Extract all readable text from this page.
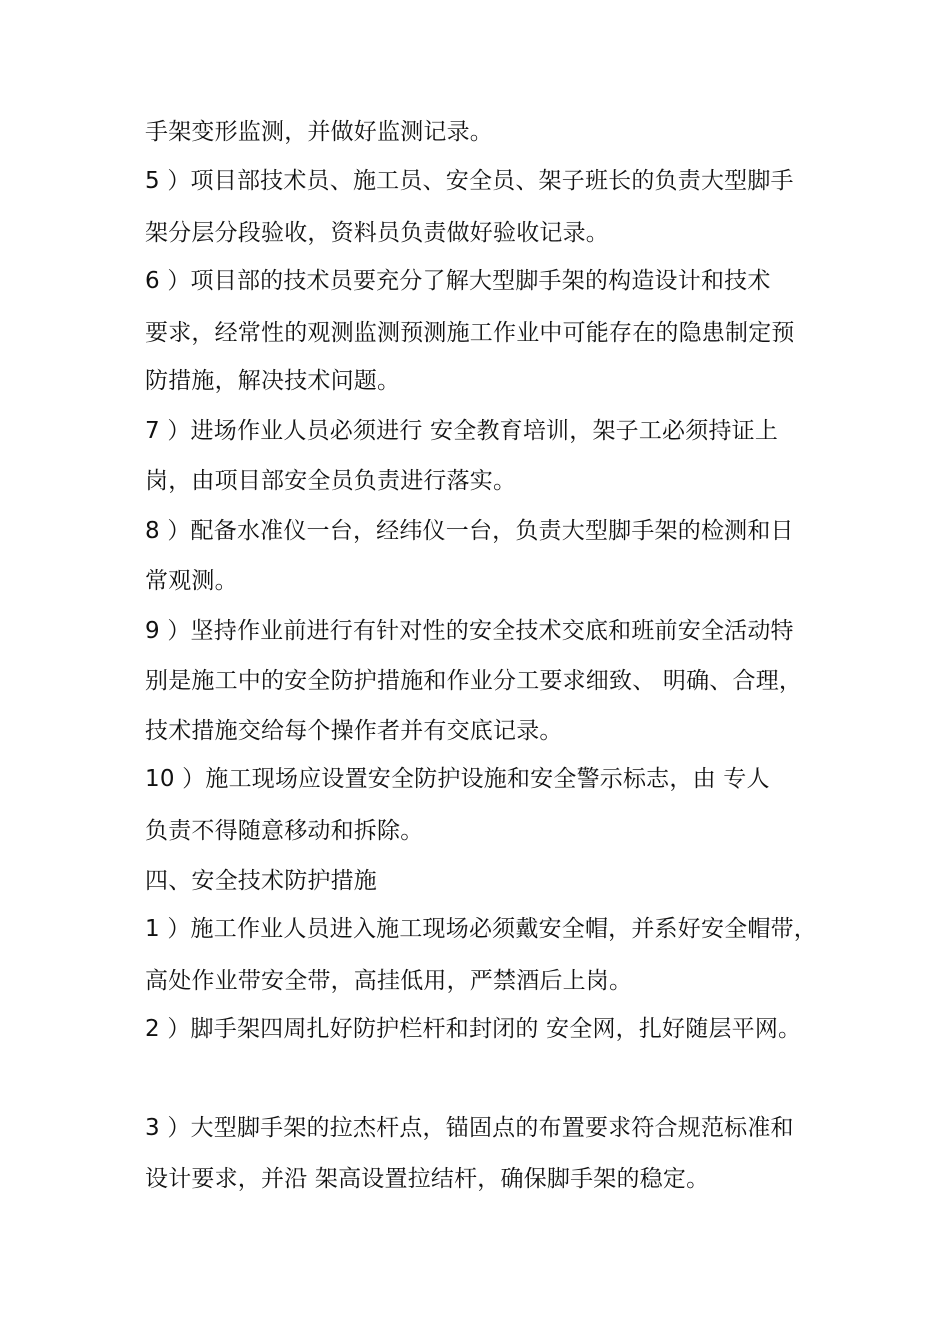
手架变形监测，并做好监测记录。
5 ）项目部技术员、施工员、安全员、架子班长的负责大型脚手
架分层分段验收，资料员负责做好验收记录。
6 ）项目部的技术员要充分了解大型脚手架的构造设计和技术
要求，经常性的观测监测预测施工作业中可能存在的隐患制定预
防措施，解决技术问题。
7 ）进场作业人员必须进行 安全教育培训，架子工必须持证上
岗，由项目部安全员负责进行落实。
8 ）配备水准仪一台，经纬仪一台，负责大型脚手架的检测和日
常观测。
9 ）坚持作业前进行有针对性的安全技术交底和班前安全活动特
别是施工中的安全防护措施和作业分工要求细致、 明确、合理，
技术措施交给每个操作者并有交底记录。
10 ）施工现场应设置安全防护设施和安全警示标志，由 专人
负责不得随意移动和拆除。
四、安全技术防护措施
1 ）施工作业人员进入施工现场必须戴安全帽，并系好安全帽带，
高处作业带安全带，高挂低用，严禁酒后上岗。
2 ）脚手架四周扎好防护栏杆和封闭的 安全网，扎好随层平网。
3 ）大型脚手架的拉杰杆点，锚固点的布置要求符合规范标准和
设计要求，并沿 架高设置拉结杆，确保脚手架的稳定。
